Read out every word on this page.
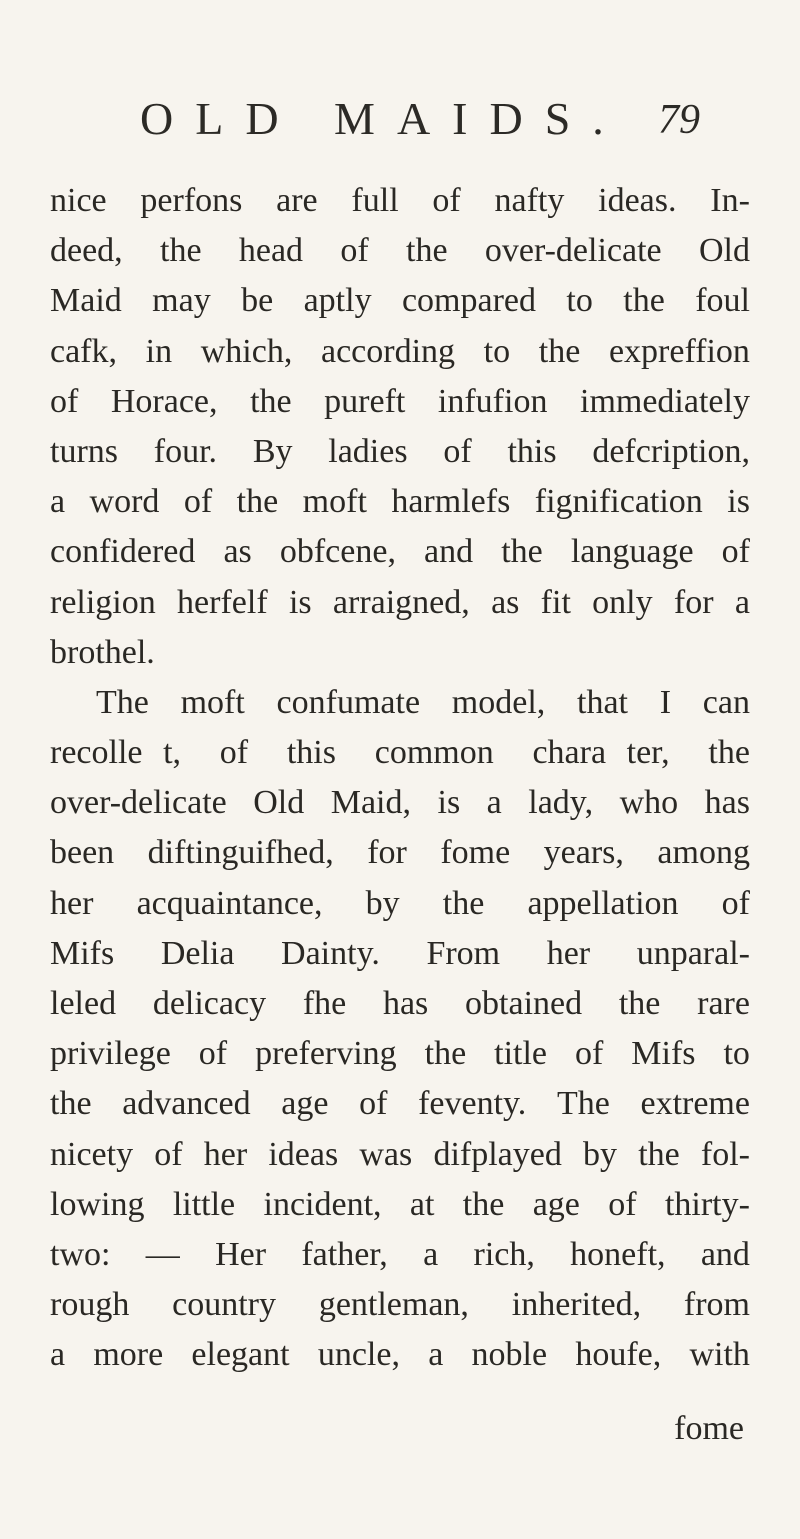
OLD MAIDS. 79
nice perfons are full of nafty ideas. In-
deed, the head of the over-delicate Old
Maid may be aptly compared to the foul
cafk, in which, according to the expreffion
of Horace, the pureft infufion immediately
turns four. By ladies of this defcription,
a word of the moft harmlefs fignification is
confidered as obfcene, and the language of
religion herfelf is arraigned, as fit only for a
brothel.
The moft confumate model, that I can
recollet, of this common charater, the
over-delicate Old Maid, is a lady, who has
been diftinguifhed, for fome years, among
her acquaintance, by the appellation of
Mifs Delia Dainty. From her unparal-
leled delicacy fhe has obtained the rare
privilege of preferving the title of Mifs to
the advanced age of feventy. The extreme
nicety of her ideas was difplayed by the fol-
lowing little incident, at the age of thirty-
two: — Her father, a rich, honeft, and
rough country gentleman, inherited, from
a more elegant uncle, a noble houfe, with
fome
